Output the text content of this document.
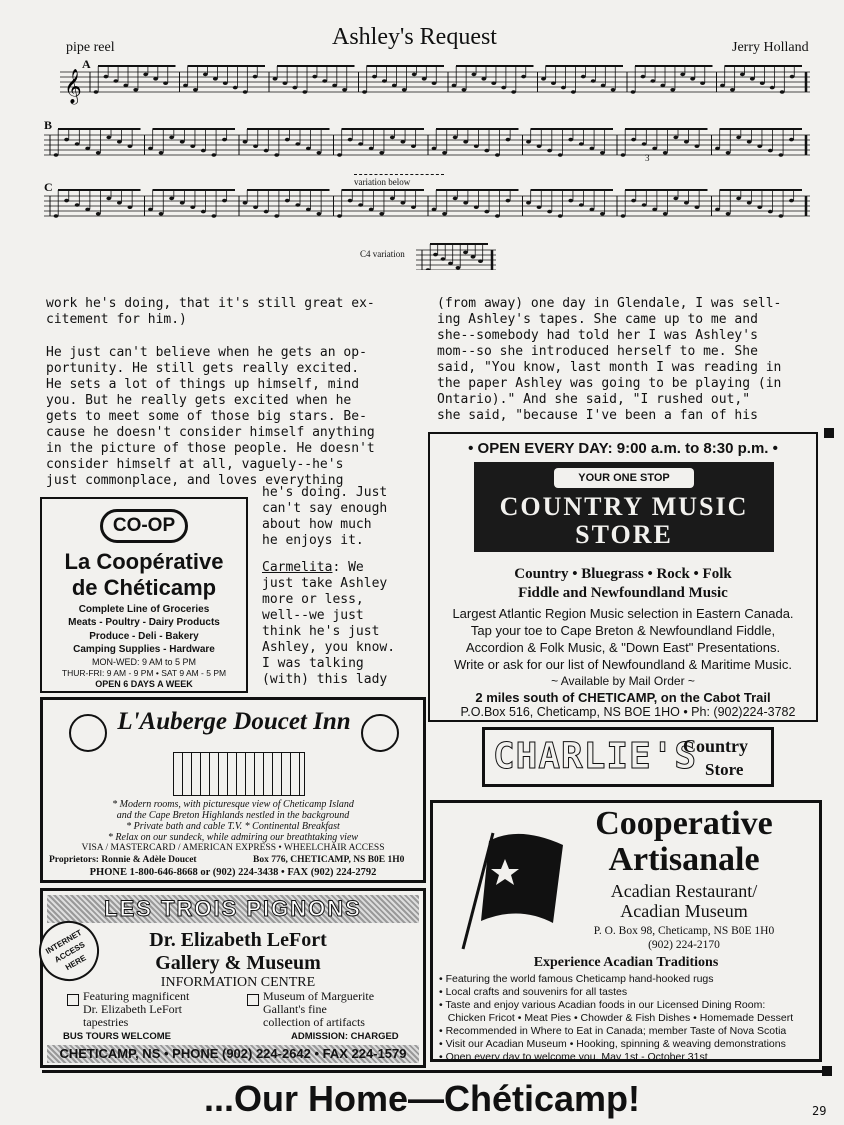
pipe reel	Ashley's Request	Jerry Holland
A
B
C
𝄞
variation below
3
C4 variation
work he's doing, that it's still great ex-
citement for him.)
He just can't believe when he gets an op-
portunity. He still gets really excited.
He sets a lot of things up himself, mind
you. But he really gets excited when he
gets to meet some of those big stars. Be-
cause he doesn't consider himself anything
in the picture of those people. He doesn't
consider himself at all, vaguely--he's
just commonplace, and loves everything
he's doing. Just
can't say enough
about how much
he enjoys it.
Carmelita: We
just take Ashley
more or less,
well--we just
think he's just
Ashley, you know.
I was talking
(with) this lady
(from away) one day in Glendale, I was sell-
ing Ashley's tapes. She came up to me and
she--somebody had told her I was Ashley's
mom--so she introduced herself to me. She
said, "You know, last month I was reading in
the paper Ashley was going to be playing (in
Ontario)." And she said, "I rushed out,"
she said, "because I've been a fan of his
CO-OP
La Coopérative
de Chéticamp
Complete Line of Groceries
Meats - Poultry - Dairy Products
Produce - Deli - Bakery
Camping Supplies - Hardware
MON-WED: 9 AM to 5 PM
THUR-FRI: 9 AM - 9 PM • SAT 9 AM - 5 PM
OPEN 6 DAYS A WEEK
• OPEN EVERY DAY: 9:00 a.m. to 8:30 p.m. •
YOUR ONE STOP
COUNTRY MUSIC
STORE
Country • Bluegrass • Rock • Folk
Fiddle and Newfoundland Music
Largest Atlantic Region Music selection in Eastern Canada.
Tap your toe to Cape Breton & Newfoundland Fiddle,
Accordion & Folk Music, & "Down East" Presentations.
Write or ask for our list of Newfoundland & Maritime Music.
~ Available by Mail Order ~
2 miles south of CHETICAMP, on the Cabot Trail
P.O.Box 516, Cheticamp, NS BOE 1HO • Ph: (902)224-3782
CHARLIE'S
Country
Store
L'Auberge Doucet Inn
* Modern rooms, with picturesque view of Cheticamp Island
and the Cape Breton Highlands nestled in the background
* Private bath and cable T.V. * Continental Breakfast
* Relax on our sundeck, while admiring our breathtaking view
VISA / MASTERCARD / AMERICAN EXPRESS • WHEELCHAIR ACCESS
Proprietors: Ronnie & Adèle Doucet	Box 776, CHETICAMP, NS B0E 1H0
PHONE 1-800-646-8668 or (902) 224-3438 • FAX (902) 224-2792
LES TROIS PIGNONS
INTERNET ACCESS HERE
Dr. Elizabeth LeFort
Gallery & Museum
INFORMATION CENTRE
Featuring magnificent
Dr. Elizabeth LeFort
tapestries
Museum of Marguerite
Gallant's fine
collection of artifacts
BUS TOURS WELCOME	ADMISSION: CHARGED
CHETICAMP, NS • PHONE (902) 224-2642 • FAX 224-1579
Cooperative
Artisanale
Acadian Restaurant/
Acadian Museum
P. O. Box 98, Cheticamp, NS B0E 1H0
(902) 224-2170
Experience Acadian Traditions
• Featuring the world famous Cheticamp hand-hooked rugs
• Local crafts and souvenirs for all tastes
• Taste and enjoy various Acadian foods in our Licensed Dining Room:
Chicken Fricot • Meat Pies • Chowder & Fish Dishes • Homemade Dessert
• Recommended in Where to Eat in Canada; member Taste of Nova Scotia
• Visit our Acadian Museum • Hooking, spinning & weaving demonstrations
• Open every day to welcome you, May 1st - October 31st
...Our Home—Chéticamp!	29
